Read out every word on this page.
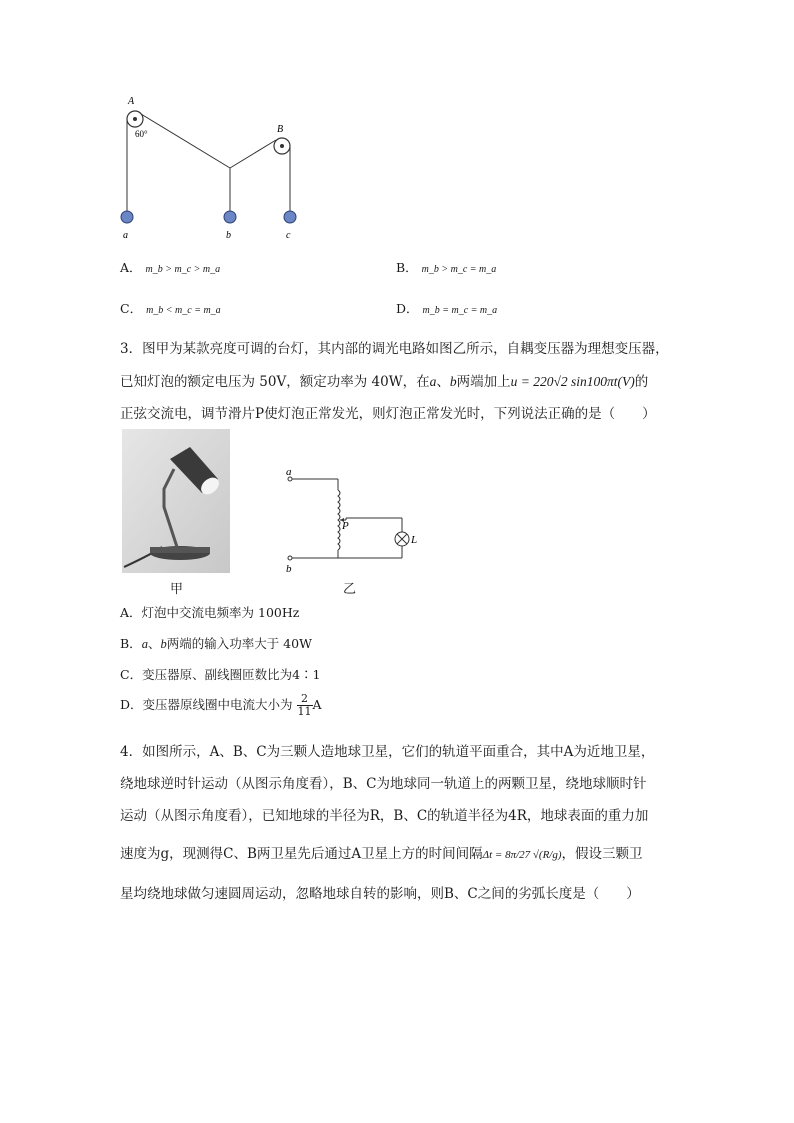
A
B
60°
a	b	c
A． m_b > m_c > m_a	B． m_b > m_c = m_a
C． m_b < m_c = m_a	D． m_b = m_c = m_a
3．图甲为某款亮度可调的台灯，其内部的调光电路如图乙所示，自耦变压器为理想变压器，
已知灯泡的额定电压为 50V，额定功率为 40W，在a、b两端加上u = 220√2 sin100πt(V)的
正弦交流电，调节滑片P使灯泡正常发光，则灯泡正常发光时，下列说法正确的是（　　）
甲
a
b
P
L
乙
A．灯泡中交流电频率为 100Hz
B．a、b两端的输入功率大于 40W
C．变压器原、副线圈匝数比为4∶1
D．变压器原线圈中电流大小为 $\frac{2}{11}$ A
4．如图所示，A、B、C为三颗人造地球卫星，它们的轨道平面重合，其中A为近地卫星，
绕地球逆时针运动（从图示角度看），B、C为地球同一轨道上的两颗卫星，绕地球顺时针
运动（从图示角度看），已知地球的半径为R，B、C的轨道半径为4R，地球表面的重力加
速度为g，现测得C、B两卫星先后通过A卫星上方的时间间隔Δt = 8π/27 √(R/g)，假设三颗卫
星均绕地球做匀速圆周运动，忽略地球自转的影响，则B、C之间的劣弧长度是（　　）
